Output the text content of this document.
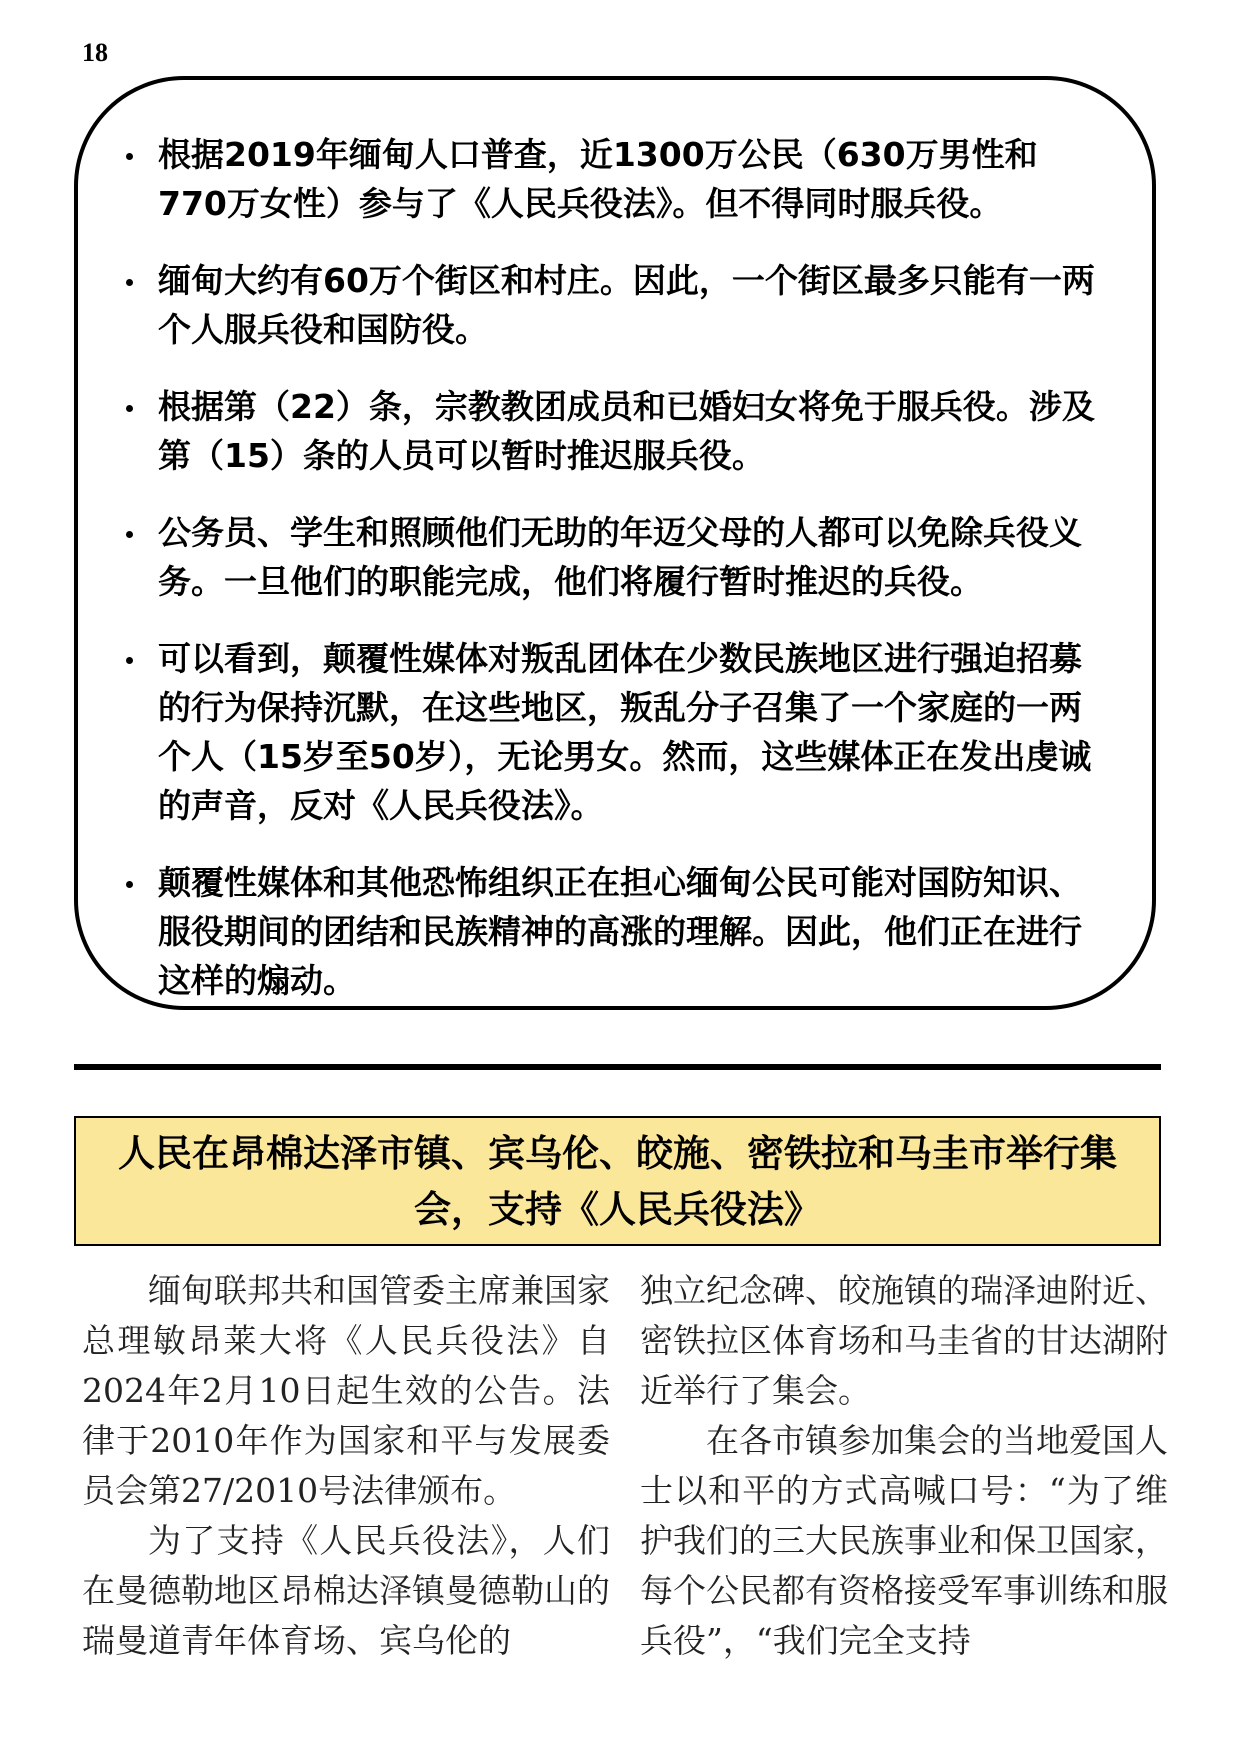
18
根据2019年缅甸人口普查，近1300万公民（630万男性和770万女性）参与了《人民兵役法》。但不得同时服兵役。
缅甸大约有60万个街区和村庄。因此，一个街区最多只能有一两个人服兵役和国防役。
根据第（22）条，宗教教团成员和已婚妇女将免于服兵役。涉及第（15）条的人员可以暂时推迟服兵役。
公务员、学生和照顾他们无助的年迈父母的人都可以免除兵役义务。一旦他们的职能完成，他们将履行暂时推迟的兵役。
可以看到，颠覆性媒体对叛乱团体在少数民族地区进行强迫招募的行为保持沉默，在这些地区，叛乱分子召集了一个家庭的一两个人（15岁至50岁），无论男女。然而，这些媒体正在发出虔诚的声音，反对《人民兵役法》。
颠覆性媒体和其他恐怖组织正在担心缅甸公民可能对国防知识、服役期间的团结和民族精神的高涨的理解。因此，他们正在进行这样的煽动。
人民在昂棉达泽市镇、宾乌伦、皎施、密铁拉和马圭市举行集会，支持《人民兵役法》

缅甸联邦共和国管委主席兼国家总理敏昂莱大将《人民兵役法》自2024年2月10日起生效的公告。法律于2010年作为国家和平与发展委员会第27/2010号法律颁布。

为了支持《人民兵役法》，人们在曼德勒地区昂棉达泽镇曼德勒山的瑞曼道青年体育场、宾乌伦的

独立纪念碑、皎施镇的瑞泽迪附近、密铁拉区体育场和马圭省的甘达湖附近举行了集会。

在各市镇参加集会的当地爱国人士以和平的方式高喊口号：“为了维护我们的三大民族事业和保卫国家，每个公民都有资格接受军事训练和服兵役”，“我们完全支持
